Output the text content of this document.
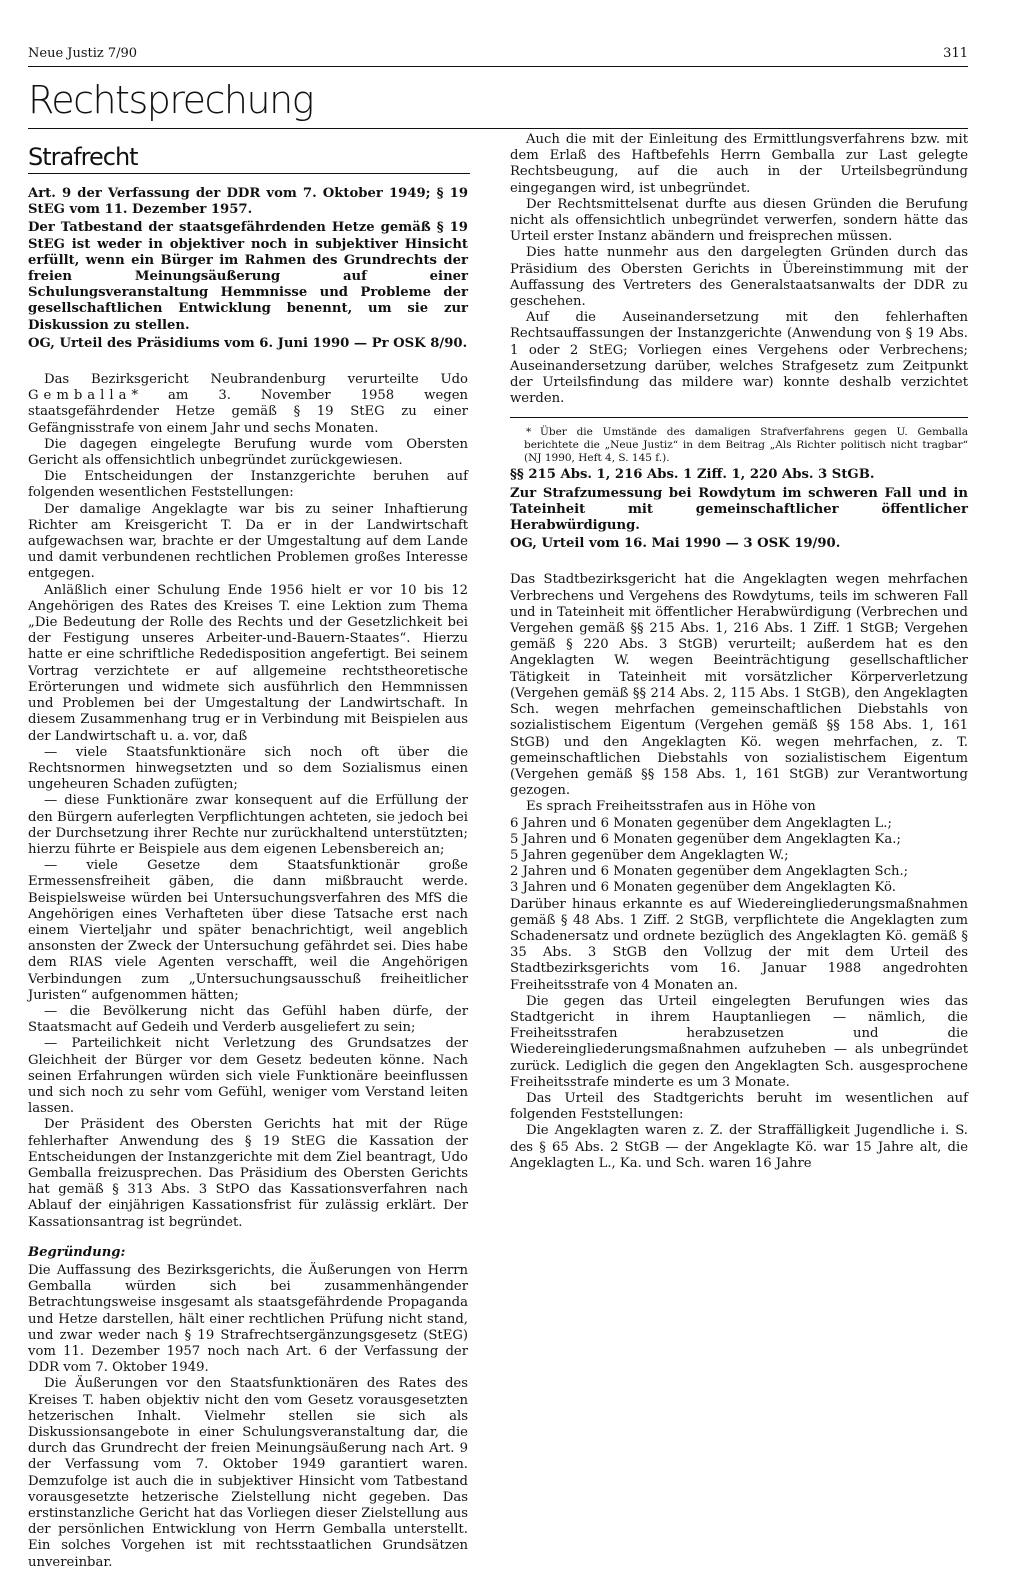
Neue Justiz 7/90	311
Rechtsprechung
Strafrecht

Art. 9 der Verfassung der DDR vom 7. Oktober 1949; § 19 StEG vom 11. Dezember 1957.

Der Tatbestand der staatsgefährdenden Hetze gemäß § 19 StEG ist weder in objektiver noch in subjektiver Hinsicht erfüllt, wenn ein Bürger im Rahmen des Grundrechts der freien Meinungsäußerung auf einer Schulungsveranstaltung Hemmnisse und Probleme der gesellschaftlichen Entwicklung benennt, um sie zur Diskussion zu stellen.

OG, Urteil des Präsidiums vom 6. Juni 1990 — Pr OSK 8/90.

Das Bezirksgericht Neubrandenburg verurteilte Udo Gemballa* am 3. November 1958 wegen staatsgefährdender Hetze gemäß § 19 StEG zu einer Gefängnisstrafe von einem Jahr und sechs Monaten.

Die dagegen eingelegte Berufung wurde vom Obersten Gericht als offensichtlich unbegründet zurückgewiesen.

Die Entscheidungen der Instanzgerichte beruhen auf folgenden wesentlichen Feststellungen:

Der damalige Angeklagte war bis zu seiner Inhaftierung Richter am Kreisgericht T. Da er in der Landwirtschaft aufgewachsen war, brachte er der Umgestaltung auf dem Lande und damit verbundenen rechtlichen Problemen großes Interesse entgegen.

Anläßlich einer Schulung Ende 1956 hielt er vor 10 bis 12 Angehörigen des Rates des Kreises T. eine Lektion zum Thema „Die Bedeutung der Rolle des Rechts und der Gesetzlichkeit bei der Festigung unseres Arbeiter-und-Bauern-Staates“. Hierzu hatte er eine schriftliche Rededisposition angefertigt. Bei seinem Vortrag verzichtete er auf allgemeine rechtstheoretische Erörterungen und widmete sich ausführlich den Hemmnissen und Problemen bei der Umgestaltung der Landwirtschaft. In diesem Zusammenhang trug er in Verbindung mit Beispielen aus der Landwirtschaft u. a. vor, daß

— viele Staatsfunktionäre sich noch oft über die Rechtsnormen hinwegsetzten und so dem Sozialismus einen ungeheuren Schaden zufügten;

— diese Funktionäre zwar konsequent auf die Erfüllung der den Bürgern auferlegten Verpflichtungen achteten, sie jedoch bei der Durchsetzung ihrer Rechte nur zurückhaltend unterstützten; hierzu führte er Beispiele aus dem eigenen Lebensbereich an;

— viele Gesetze dem Staatsfunktionär große Ermessensfreiheit gäben, die dann mißbraucht werde. Beispielsweise würden bei Untersuchungsverfahren des MfS die Angehörigen eines Verhafteten über diese Tatsache erst nach einem Vierteljahr und später benachrichtigt, weil angeblich ansonsten der Zweck der Untersuchung gefährdet sei. Dies habe dem RIAS viele Agenten verschafft, weil die Angehörigen Verbindungen zum „Untersuchungsausschuß freiheitlicher Juristen“ aufgenommen hätten;

— die Bevölkerung nicht das Gefühl haben dürfe, der Staatsmacht auf Gedeih und Verderb ausgeliefert zu sein;

— Parteilichkeit nicht Verletzung des Grundsatzes der Gleichheit der Bürger vor dem Gesetz bedeuten könne. Nach seinen Erfahrungen würden sich viele Funktionäre beeinflussen und sich noch zu sehr vom Gefühl, weniger vom Verstand leiten lassen.

Der Präsident des Obersten Gerichts hat mit der Rüge fehlerhafter Anwendung des § 19 StEG die Kassation der Entscheidungen der Instanzgerichte mit dem Ziel beantragt, Udo Gemballa freizusprechen. Das Präsidium des Obersten Gerichts hat gemäß § 313 Abs. 3 StPO das Kassationsverfahren nach Ablauf der einjährigen Kassationsfrist für zulässig erklärt. Der Kassationsantrag ist begründet.

Begründung:

Die Auffassung des Bezirksgerichts, die Äußerungen von Herrn Gemballa würden sich bei zusammenhängender Betrachtungsweise insgesamt als staatsgefährdende Propaganda und Hetze darstellen, hält einer rechtlichen Prüfung nicht stand, und zwar weder nach § 19 Strafrechtsergänzungsgesetz (StEG) vom 11. Dezember 1957 noch nach Art. 6 der Verfassung der DDR vom 7. Oktober 1949.

Die Äußerungen vor den Staatsfunktionären des Rates des Kreises T. haben objektiv nicht den vom Gesetz vorausgesetzten hetzerischen Inhalt. Vielmehr stellen sie sich als Diskussionsangebote in einer Schulungsveranstaltung dar, die durch das Grundrecht der freien Meinungsäußerung nach Art. 9 der Verfassung vom 7. Oktober 1949 garantiert waren. Demzufolge ist auch die in subjektiver Hinsicht vom Tatbestand vorausgesetzte hetzerische Zielstellung nicht gegeben. Das erstinstanzliche Gericht hat das Vorliegen dieser Zielstellung aus der persönlichen Entwicklung von Herrn Gemballa unterstellt. Ein solches Vorgehen ist mit rechtsstaatlichen Grundsätzen unvereinbar.

Auch die mit der Einleitung des Ermittlungsverfahrens bzw. mit dem Erlaß des Haftbefehls Herrn Gemballa zur Last gelegte Rechtsbeugung, auf die auch in der Urteilsbegründung eingegangen wird, ist unbegründet.

Der Rechtsmittelsenat durfte aus diesen Gründen die Berufung nicht als offensichtlich unbegründet verwerfen, sondern hätte das Urteil erster Instanz abändern und freisprechen müssen.

Dies hatte nunmehr aus den dargelegten Gründen durch das Präsidium des Obersten Gerichts in Übereinstimmung mit der Auffassung des Vertreters des Generalstaatsanwalts der DDR zu geschehen.

Auf die Auseinandersetzung mit den fehlerhaften Rechtsauffassungen der Instanzgerichte (Anwendung von § 19 Abs. 1 oder 2 StEG; Vorliegen eines Vergehens oder Verbrechens; Auseinandersetzung darüber, welches Strafgesetz zum Zeitpunkt der Urteilsfindung das mildere war) konnte deshalb verzichtet werden.

* Über die Umstände des damaligen Strafverfahrens gegen U. Gemballa berichtete die „Neue Justiz“ in dem Beitrag „Als Richter politisch nicht tragbar“ (NJ 1990, Heft 4, S. 145 f.).

§§ 215 Abs. 1, 216 Abs. 1 Ziff. 1, 220 Abs. 3 StGB.

Zur Strafzumessung bei Rowdytum im schweren Fall und in Tateinheit mit gemeinschaftlicher öffentlicher Herabwürdigung.

OG, Urteil vom 16. Mai 1990 — 3 OSK 19/90.

Das Stadtbezirksgericht hat die Angeklagten wegen mehrfachen Verbrechens und Vergehens des Rowdytums, teils im schweren Fall und in Tateinheit mit öffentlicher Herabwürdigung (Verbrechen und Vergehen gemäß §§ 215 Abs. 1, 216 Abs. 1 Ziff. 1 StGB; Vergehen gemäß § 220 Abs. 3 StGB) verurteilt; außerdem hat es den Angeklagten W. wegen Beeinträchtigung gesellschaftlicher Tätigkeit in Tateinheit mit vorsätzlicher Körperverletzung (Vergehen gemäß §§ 214 Abs. 2, 115 Abs. 1 StGB), den Angeklagten Sch. wegen mehrfachen gemeinschaftlichen Diebstahls von sozialistischem Eigentum (Vergehen gemäß §§ 158 Abs. 1, 161 StGB) und den Angeklagten Kö. wegen mehrfachen, z. T. gemeinschaftlichen Diebstahls von sozialistischem Eigentum (Vergehen gemäß §§ 158 Abs. 1, 161 StGB) zur Verantwortung gezogen.

Es sprach Freiheitsstrafen aus in Höhe von

6 Jahren und 6 Monaten gegenüber dem Angeklagten L.;

5 Jahren und 6 Monaten gegenüber dem Angeklagten Ka.;

5 Jahren gegenüber dem Angeklagten W.;

2 Jahren und 6 Monaten gegenüber dem Angeklagten Sch.;

3 Jahren und 6 Monaten gegenüber dem Angeklagten Kö.

Darüber hinaus erkannte es auf Wiedereingliederungsmaßnahmen gemäß § 48 Abs. 1 Ziff. 2 StGB, verpflichtete die Angeklagten zum Schadenersatz und ordnete bezüglich des Angeklagten Kö. gemäß § 35 Abs. 3 StGB den Vollzug der mit dem Urteil des Stadtbezirksgerichts vom 16. Januar 1988 angedrohten Freiheitsstrafe von 4 Monaten an.

Die gegen das Urteil eingelegten Berufungen wies das Stadtgericht in ihrem Hauptanliegen — nämlich, die Freiheitsstrafen herabzusetzen und die Wiedereingliederungsmaßnahmen aufzuheben — als unbegründet zurück. Lediglich die gegen den Angeklagten Sch. ausgesprochene Freiheitsstrafe minderte es um 3 Monate.

Das Urteil des Stadtgerichts beruht im wesentlichen auf folgenden Feststellungen:

Die Angeklagten waren z. Z. der Straffälligkeit Jugendliche i. S. des § 65 Abs. 2 StGB — der Angeklagte Kö. war 15 Jahre alt, die Angeklagten L., Ka. und Sch. waren 16 Jahre
